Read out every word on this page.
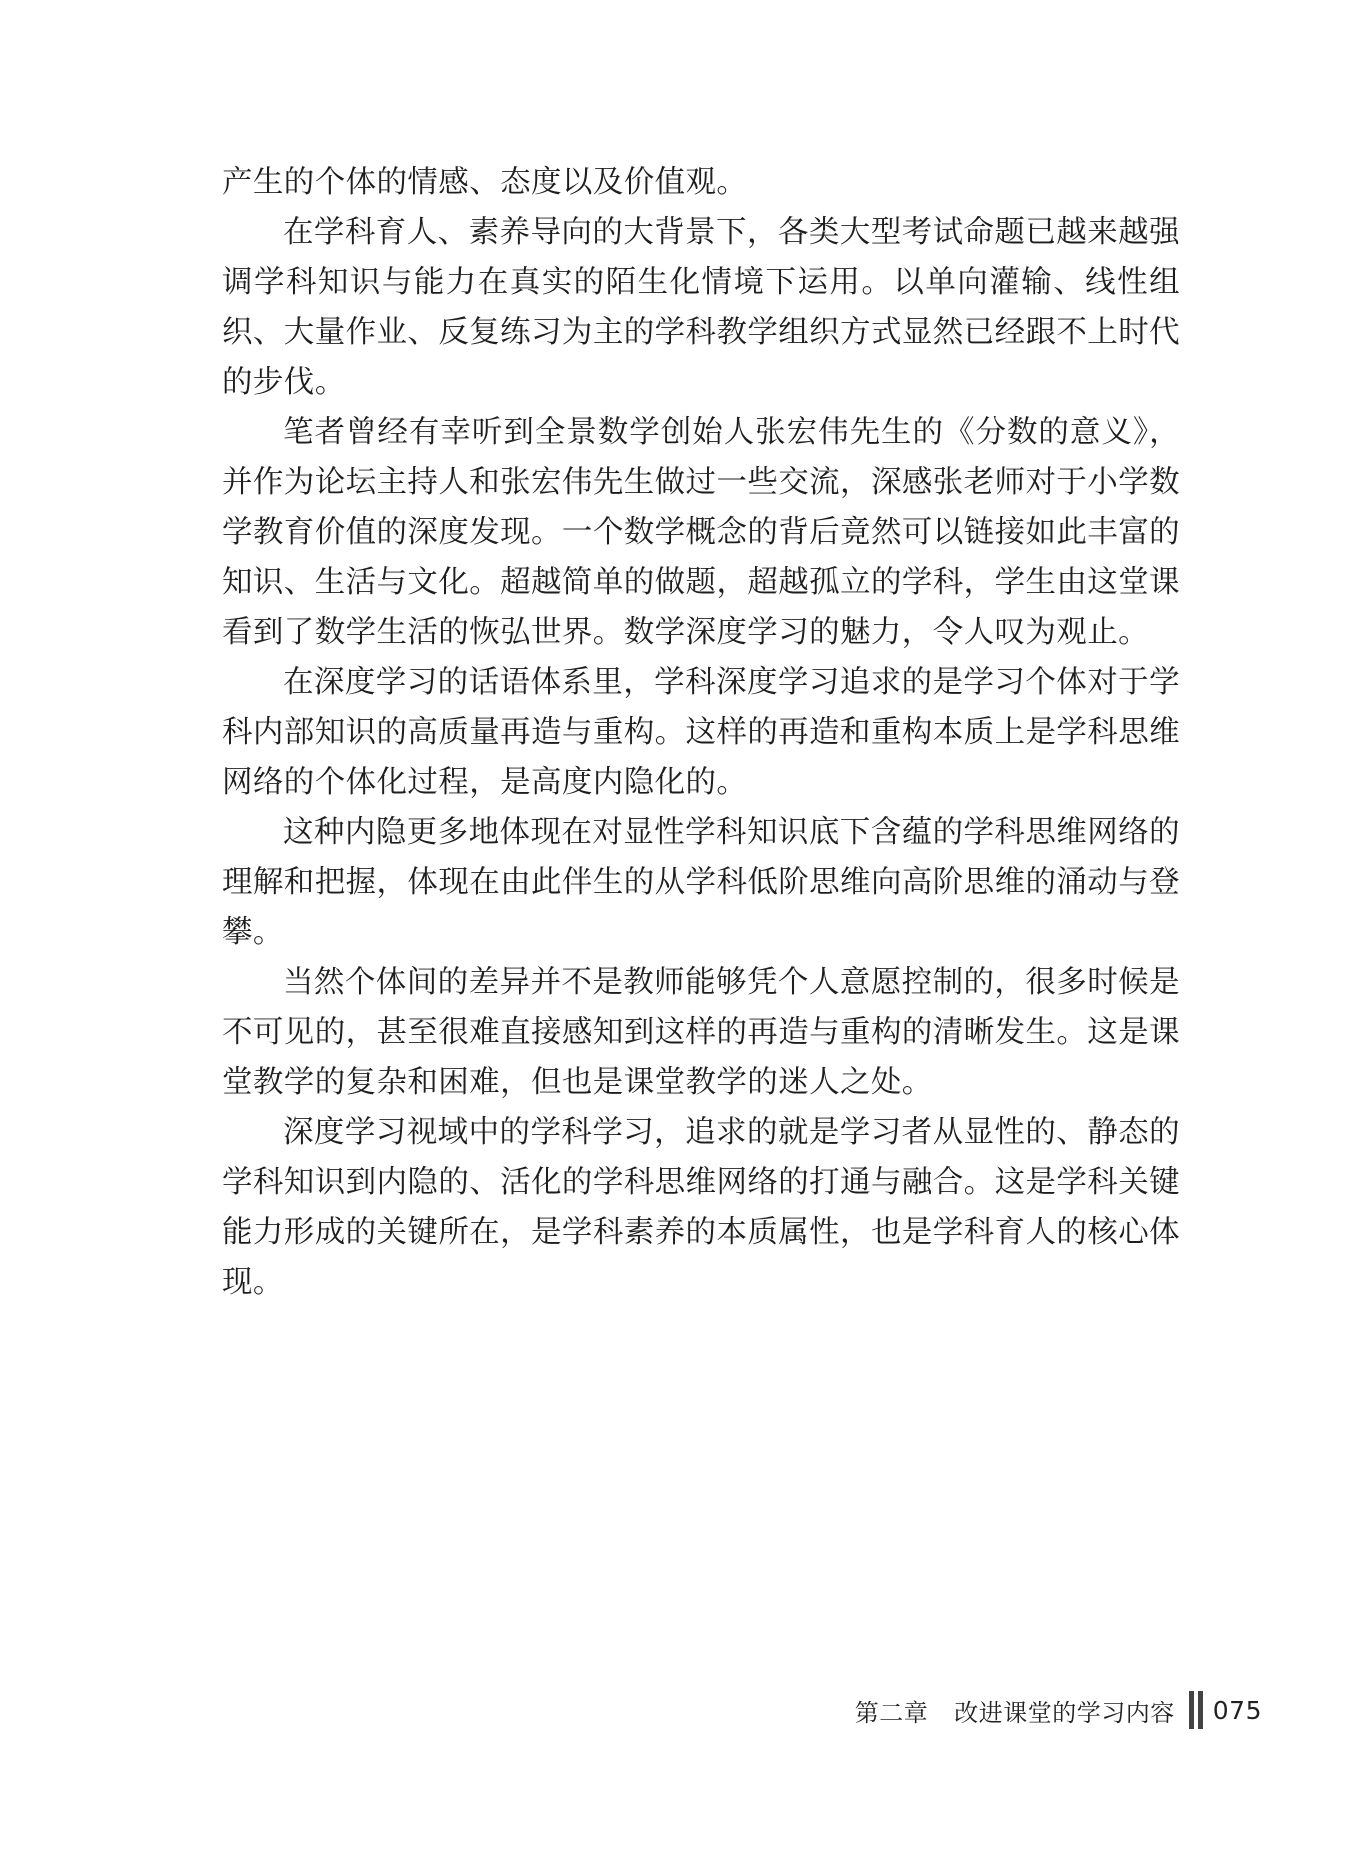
产生的个体的情感、态度以及价值观。

在学科育人、素养导向的大背景下，各类大型考试命题已越来越强调学科知识与能力在真实的陌生化情境下运用。以单向灌输、线性组织、大量作业、反复练习为主的学科教学组织方式显然已经跟不上时代的步伐。

笔者曾经有幸听到全景数学创始人张宏伟先生的《分数的意义》，并作为论坛主持人和张宏伟先生做过一些交流，深感张老师对于小学数学教育价值的深度发现。一个数学概念的背后竟然可以链接如此丰富的知识、生活与文化。超越简单的做题，超越孤立的学科，学生由这堂课看到了数学生活的恢弘世界。数学深度学习的魅力，令人叹为观止。

在深度学习的话语体系里，学科深度学习追求的是学习个体对于学科内部知识的高质量再造与重构。这样的再造和重构本质上是学科思维网络的个体化过程，是高度内隐化的。

这种内隐更多地体现在对显性学科知识底下含蕴的学科思维网络的理解和把握，体现在由此伴生的从学科低阶思维向高阶思维的涌动与登攀。

当然个体间的差异并不是教师能够凭个人意愿控制的，很多时候是不可见的，甚至很难直接感知到这样的再造与重构的清晰发生。这是课堂教学的复杂和困难，但也是课堂教学的迷人之处。

深度学习视域中的学科学习，追求的就是学习者从显性的、静态的学科知识到内隐的、活化的学科思维网络的打通与融合。这是学科关键能力形成的关键所在，是学科素养的本质属性，也是学科育人的核心体现。

第二章 改进课堂的学习内容 075
